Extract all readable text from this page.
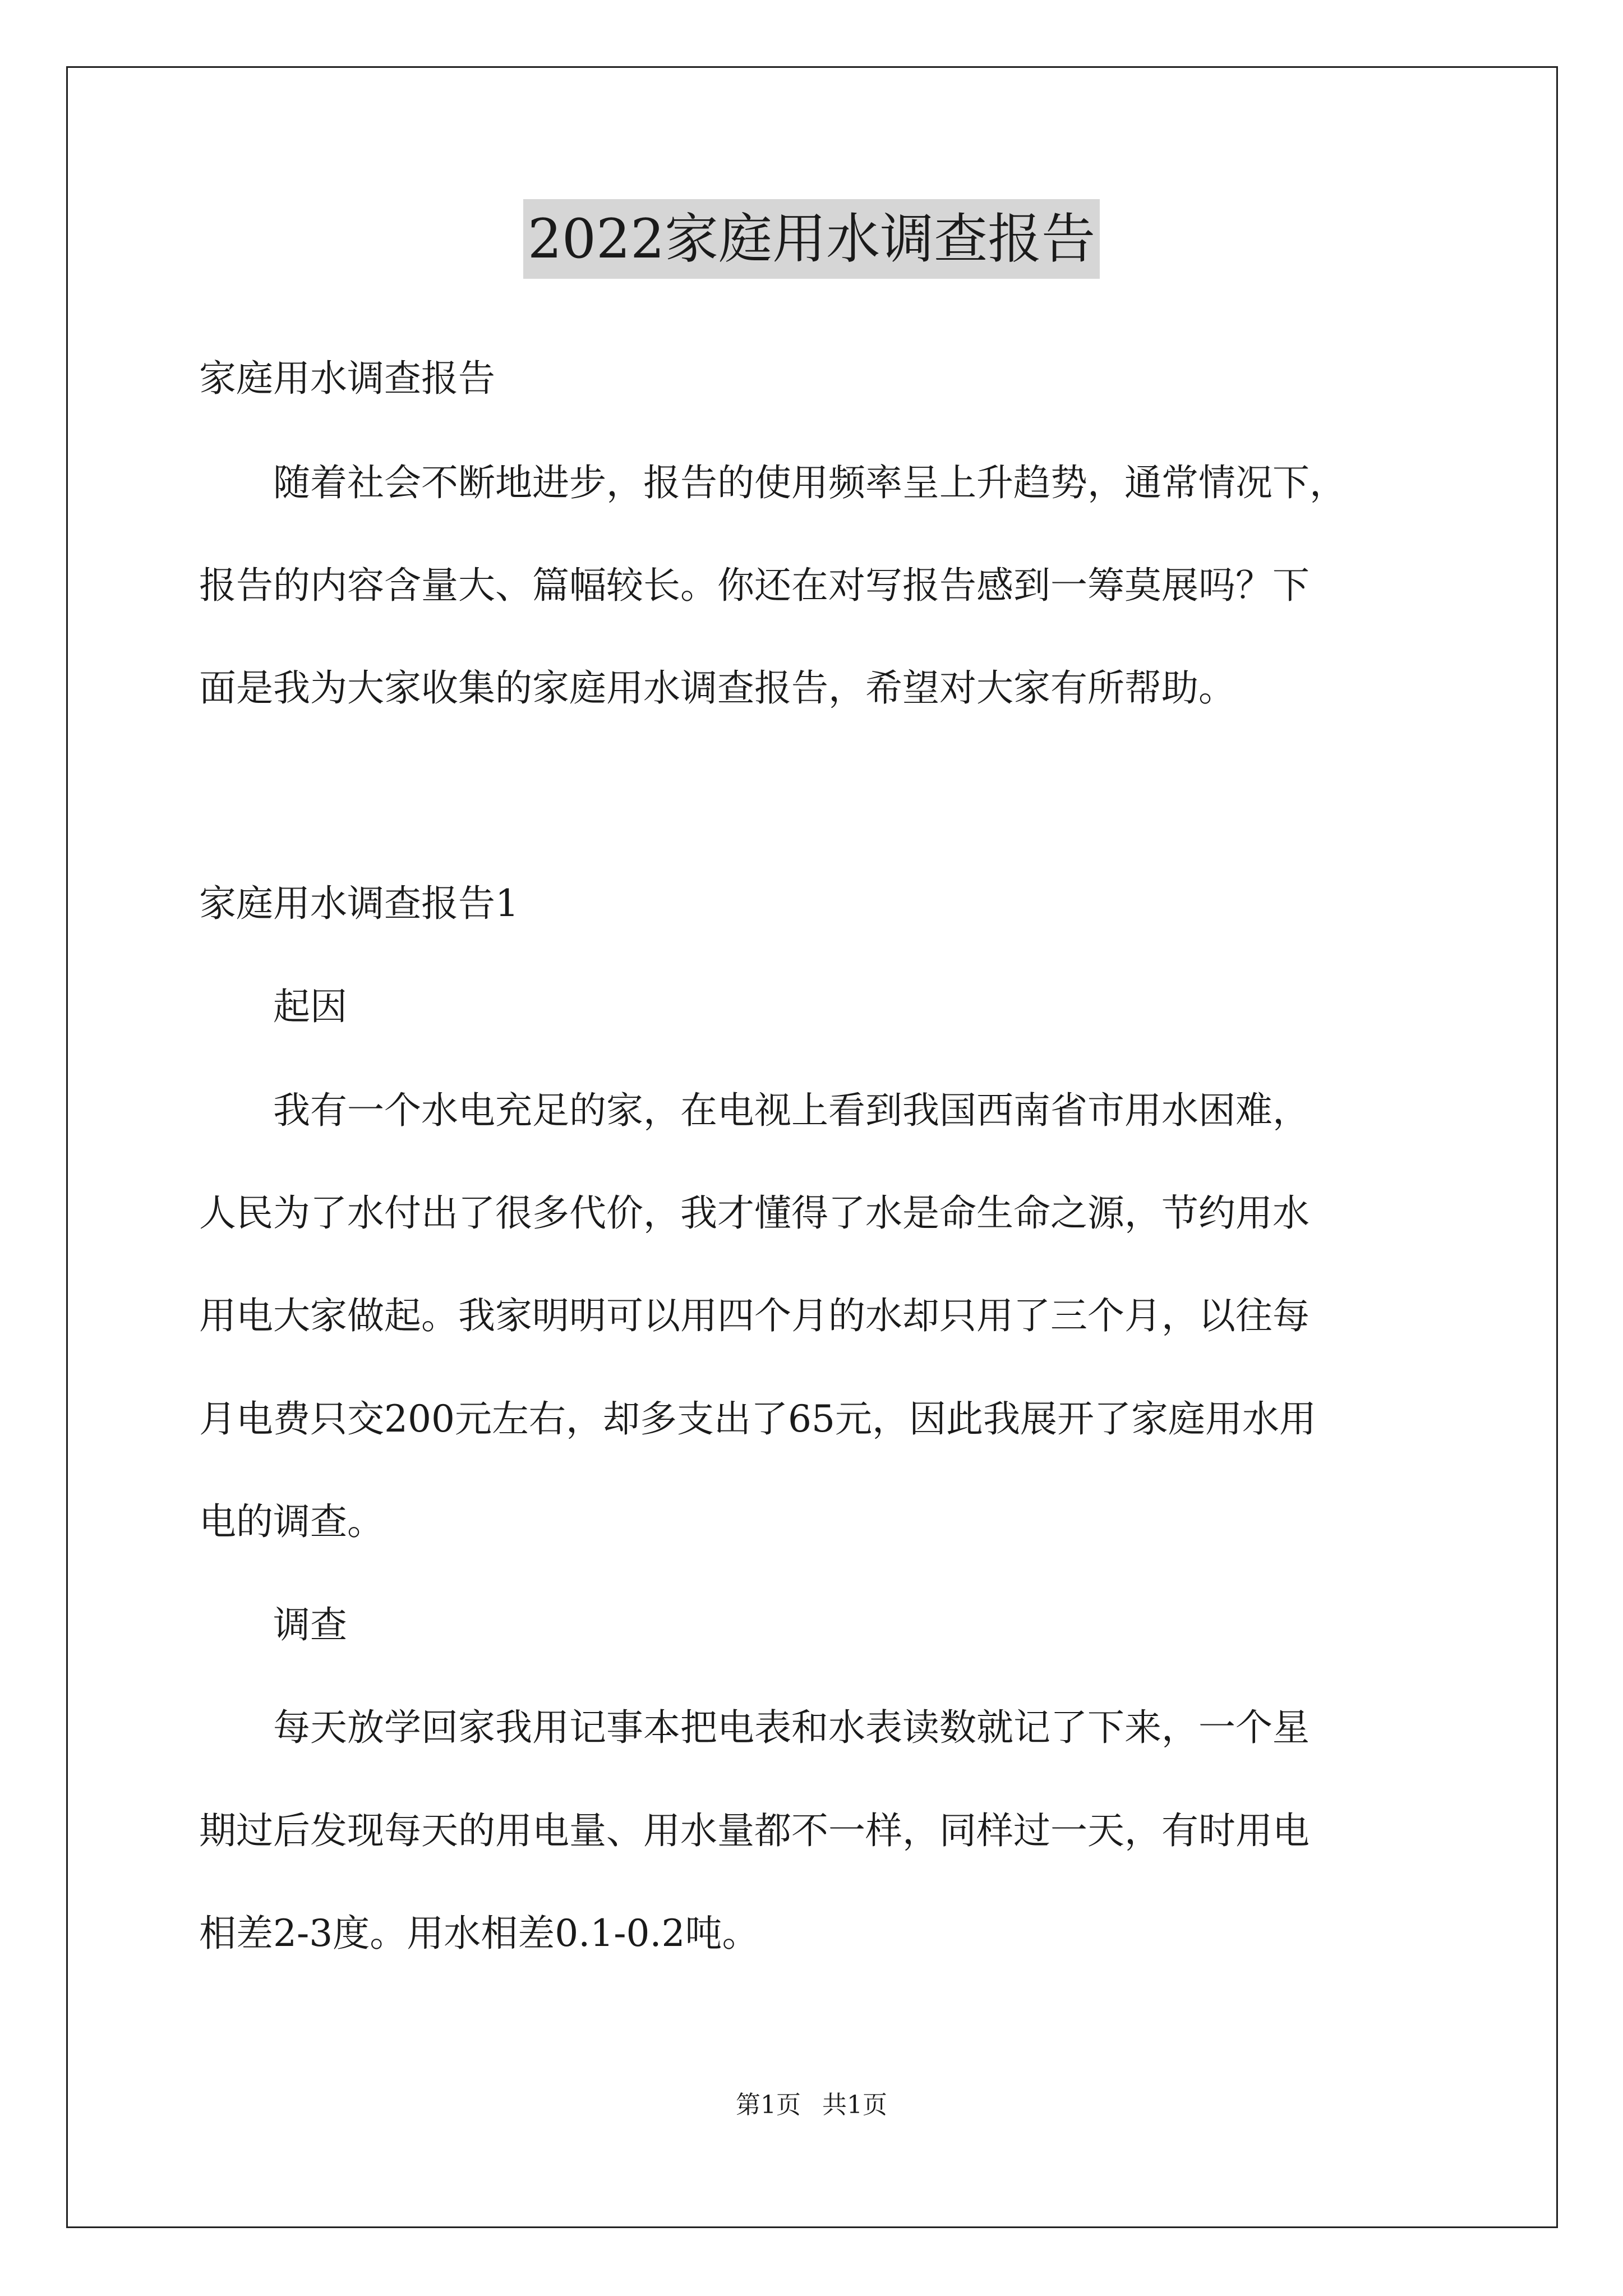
2022家庭用水调查报告

家庭用水调查报告

　　随着社会不断地进步，报告的使用频率呈上升趋势，通常情况下，

报告的内容含量大、篇幅较长。你还在对写报告感到一筹莫展吗？下

面是我为大家收集的家庭用水调查报告，希望对大家有所帮助。

家庭用水调查报告1

　　起因

　　我有一个水电充足的家，在电视上看到我国西南省市用水困难，

人民为了水付出了很多代价，我才懂得了水是命生命之源，节约用水

用电大家做起。我家明明可以用四个月的水却只用了三个月，以往每

月电费只交200元左右，却多支出了65元，因此我展开了家庭用水用

电的调查。

　　调查

　　每天放学回家我用记事本把电表和水表读数就记了下来，一个星

期过后发现每天的用电量、用水量都不一样，同样过一天，有时用电

相差2-3度。用水相差0.1-0.2吨。

第1页 共1页
